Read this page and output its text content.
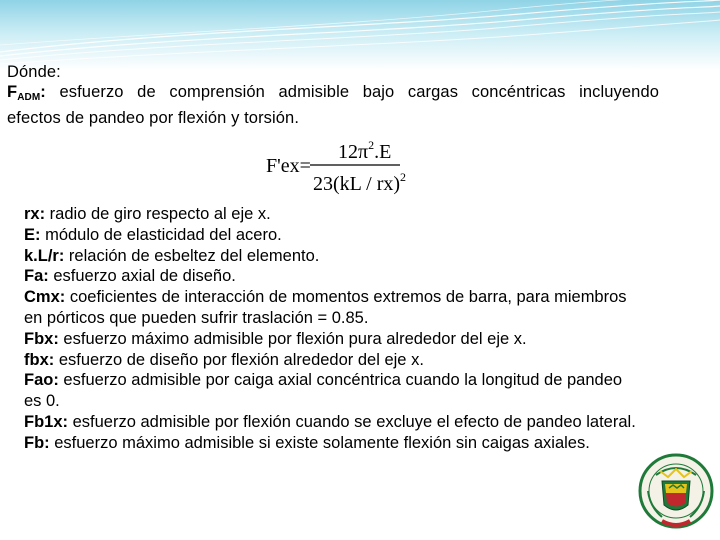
Dónde:
$F_{ADM}$: esfuerzo de comprensión admisible bajo cargas concéntricas incluyendo
efectos de pandeo por flexión y torsión.
F'ex=
$12\pi^2.E$
23(kL / rx)$^2$

rx: radio de giro respecto al eje x.

E: módulo de elasticidad del acero.

k.L/r: relación de esbeltez del elemento.

Fa: esfuerzo axial de diseño.

Cmx: coeficientes de interacción de momentos extremos de barra, para miembros en pórticos que pueden sufrir traslación = 0.85.

Fbx: esfuerzo máximo admisible por flexión pura alrededor del eje x.

fbx: esfuerzo de diseño por flexión alrededor del eje x.

Fao: esfuerzo admisible por caiga axial concéntrica cuando la longitud de pandeo es 0.

Fb1x: esfuerzo admisible por flexión cuando se excluye el efecto de pandeo lateral.

Fb: esfuerzo máximo admisible si existe solamente flexión sin caigas axiales.
